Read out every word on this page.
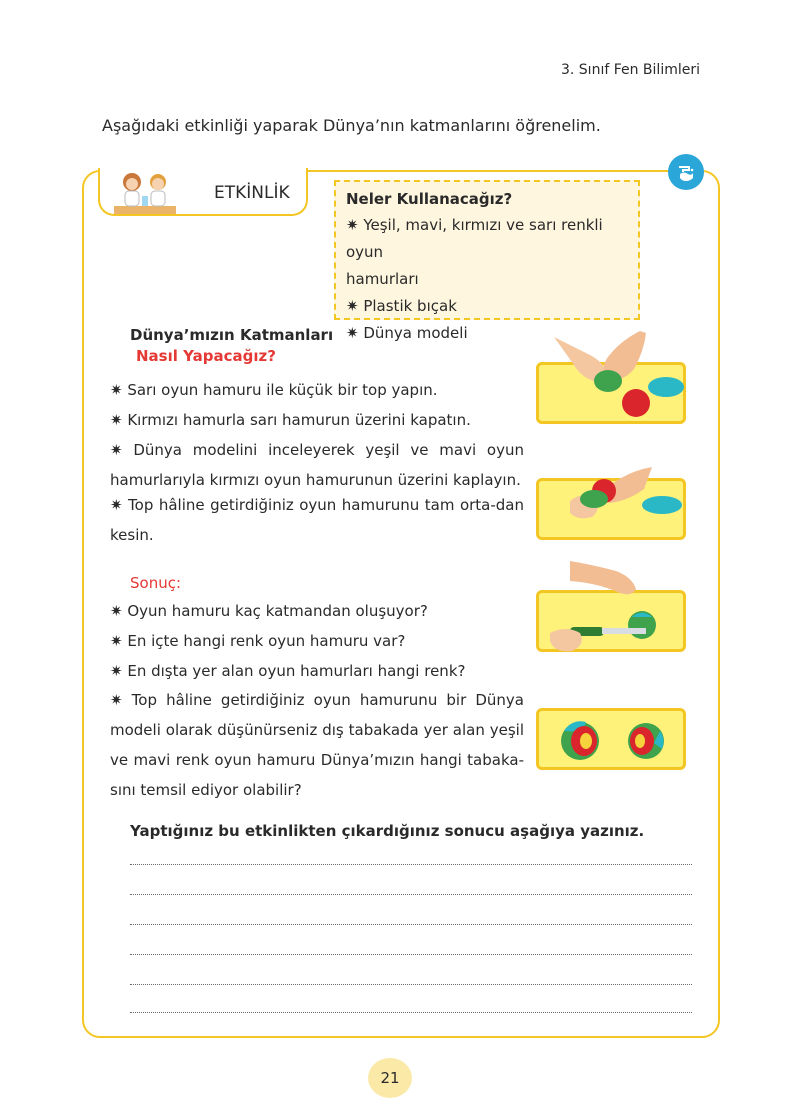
3. Sınıf Fen Bilimleri
Aşağıdaki etkinliği yaparak Dünya’nın katmanlarını öğrenelim.
ETKİNLİK	Neler Kullanacağız?
✷ Yeşil, mavi, kırmızı ve sarı renkli oyun
hamurları
✷ Plastik bıçak
✷ Dünya modeli
Dünya’mızın Katmanları
Nasıl Yapacağız?
✷ Sarı oyun hamuru ile küçük bir top yapın.
✷ Kırmızı hamurla sarı hamurun üzerini kapatın.
✷ Dünya modelini inceleyerek yeşil ve mavi oyun hamurlarıyla kırmızı oyun hamurunun üzerini kaplayın.
✷ Top hâline getirdiğiniz oyun hamurunu tam orta-dan kesin.
Sonuç:
✷ Oyun hamuru kaç katmandan oluşuyor?
✷ En içte hangi renk oyun hamuru var?
✷ En dışta yer alan oyun hamurları hangi renk?
✷ Top hâline getirdiğiniz oyun hamurunu bir Dünya modeli olarak düşünürseniz dış tabakada yer alan yeşil ve mavi renk oyun hamuru Dünya’mızın hangi tabaka-sını temsil ediyor olabilir?
Yaptığınız bu etkinlikten çıkardığınız sonucu aşağıya yazınız.
21
